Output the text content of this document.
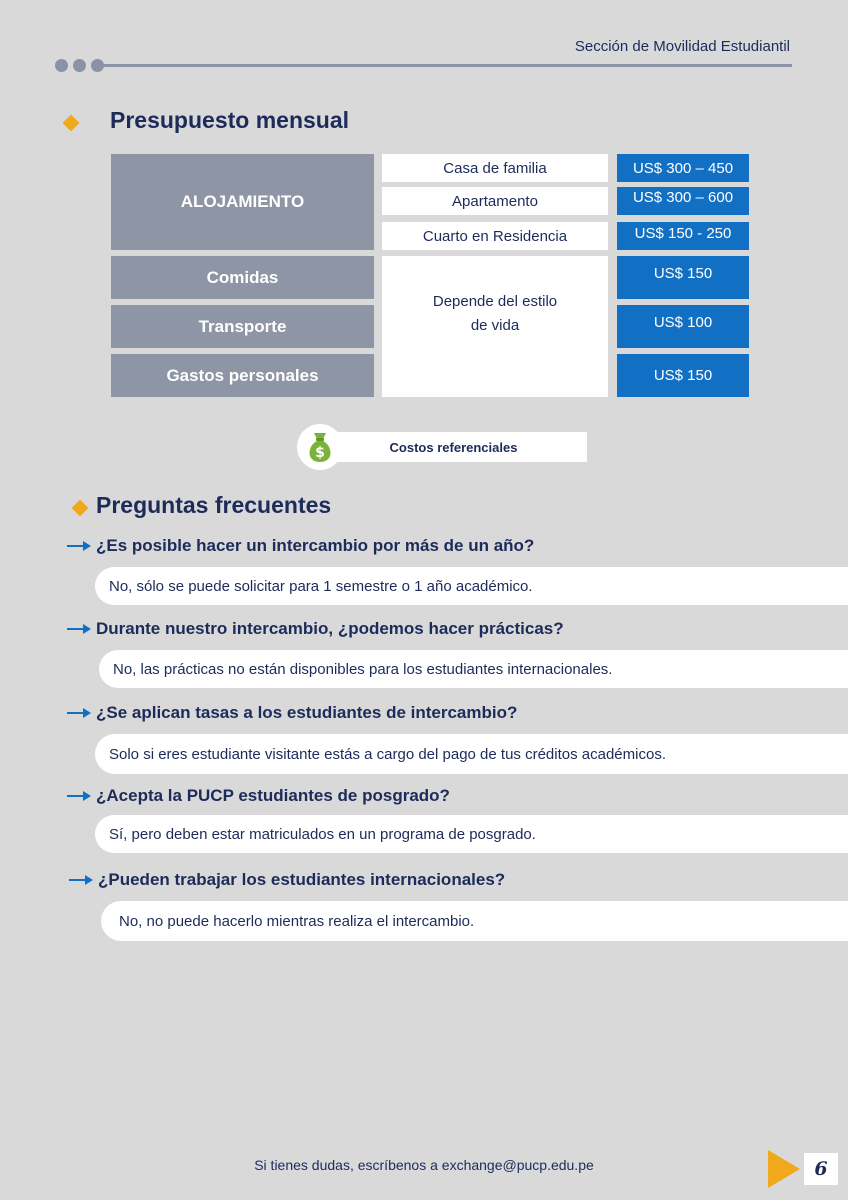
Sección de Movilidad Estudiantil
Presupuesto mensual
ALOJAMIENTO
Casa de familia
Apartamento
Cuarto en Residencia
US$ 300 – 450
US$ 300 – 600
US$ 150 - 250
Comidas
Transporte
Gastos personales
Depende del estilo de vida
US$ 150
US$ 100
US$ 150
Costos referenciales
$
Preguntas frecuentes
¿Es posible hacer un intercambio por más de un año?
No, sólo se puede solicitar para 1 semestre o 1 año académico.
Durante nuestro intercambio, ¿podemos hacer prácticas?
No, las prácticas no están disponibles para los estudiantes internacionales.
¿Se aplican tasas a los estudiantes de intercambio?
Solo si eres estudiante visitante estás a cargo del pago de tus créditos académicos.
¿Acepta la PUCP estudiantes de posgrado?
Sí, pero deben estar matriculados en un programa de posgrado.
¿Pueden trabajar los estudiantes internacionales?
No, no puede hacerlo mientras realiza el intercambio.
Si tienes dudas, escríbenos a exchange@pucp.edu.pe	6
